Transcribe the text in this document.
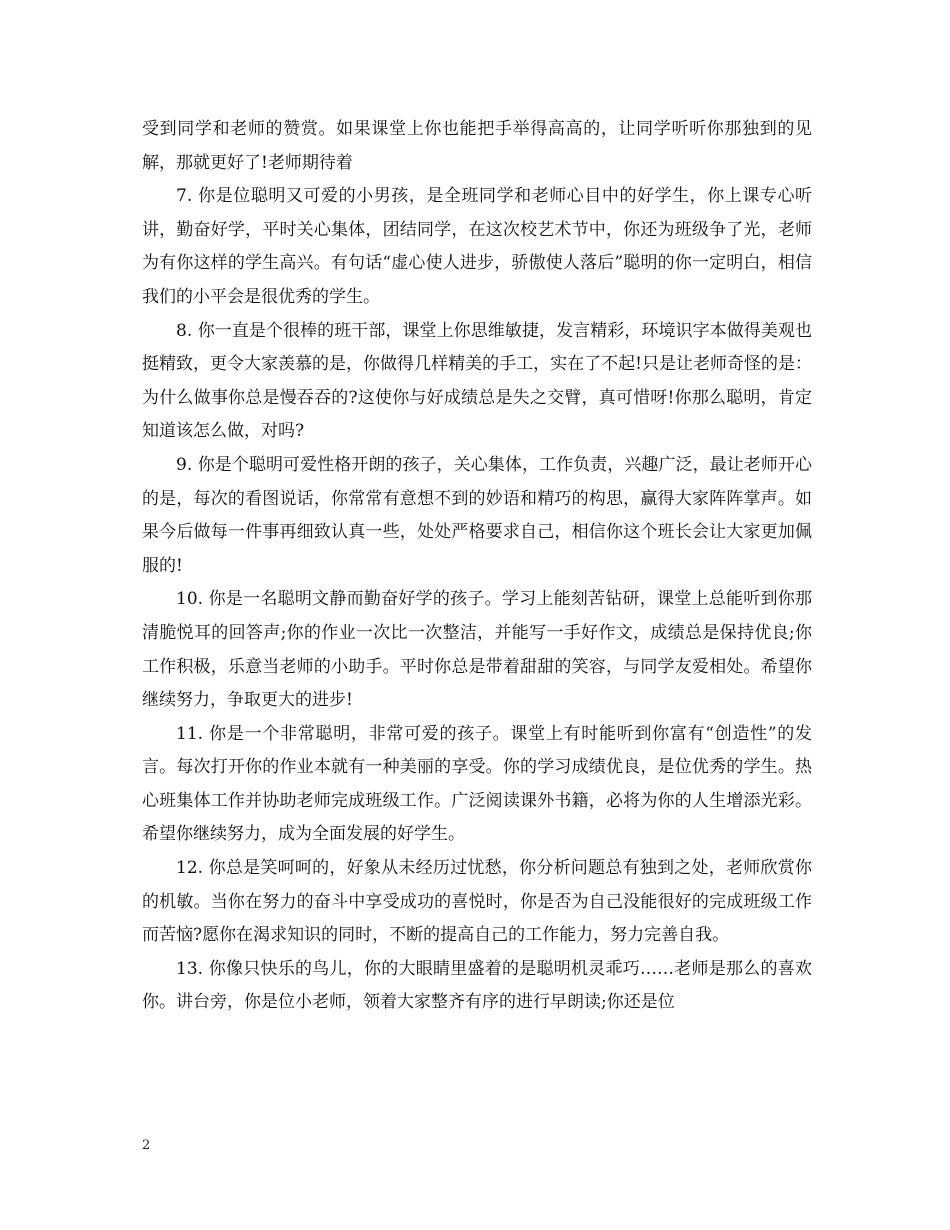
受到同学和老师的赞赏。如果课堂上你也能把手举得高高的，让同学听听你那独到的见解，那就更好了!老师期待着

7. 你是位聪明又可爱的小男孩，是全班同学和老师心目中的好学生，你上课专心听讲，勤奋好学，平时关心集体，团结同学，在这次校艺术节中，你还为班级争了光，老师为有你这样的学生高兴。有句话“虚心使人进步，骄傲使人落后”聪明的你一定明白，相信我们的小平会是很优秀的学生。

8. 你一直是个很棒的班干部，课堂上你思维敏捷，发言精彩，环境识字本做得美观也挺精致，更令大家羡慕的是，你做得几样精美的手工，实在了不起!只是让老师奇怪的是：为什么做事你总是慢吞吞的?这使你与好成绩总是失之交臂，真可惜呀!你那么聪明，肯定知道该怎么做，对吗?

9. 你是个聪明可爱性格开朗的孩子，关心集体，工作负责，兴趣广泛，最让老师开心的是，每次的看图说话，你常常有意想不到的妙语和精巧的构思，赢得大家阵阵掌声。如果今后做每一件事再细致认真一些，处处严格要求自己，相信你这个班长会让大家更加佩服的!

10. 你是一名聪明文静而勤奋好学的孩子。学习上能刻苦钻研，课堂上总能听到你那清脆悦耳的回答声;你的作业一次比一次整洁，并能写一手好作文，成绩总是保持优良;你工作积极，乐意当老师的小助手。平时你总是带着甜甜的笑容，与同学友爱相处。希望你继续努力，争取更大的进步!

11. 你是一个非常聪明，非常可爱的孩子。课堂上有时能听到你富有“创造性”的发言。每次打开你的作业本就有一种美丽的享受。你的学习成绩优良，是位优秀的学生。热心班集体工作并协助老师完成班级工作。广泛阅读课外书籍，必将为你的人生增添光彩。希望你继续努力，成为全面发展的好学生。

12. 你总是笑呵呵的，好象从未经历过忧愁，你分析问题总有独到之处，老师欣赏你的机敏。当你在努力的奋斗中享受成功的喜悦时，你是否为自己没能很好的完成班级工作而苦恼?愿你在渴求知识的同时，不断的提高自己的工作能力，努力完善自我。

13. 你像只快乐的鸟儿，你的大眼睛里盛着的是聪明机灵乖巧……老师是那么的喜欢你。讲台旁，你是位小老师，领着大家整齐有序的进行早朗读;你还是位

2
